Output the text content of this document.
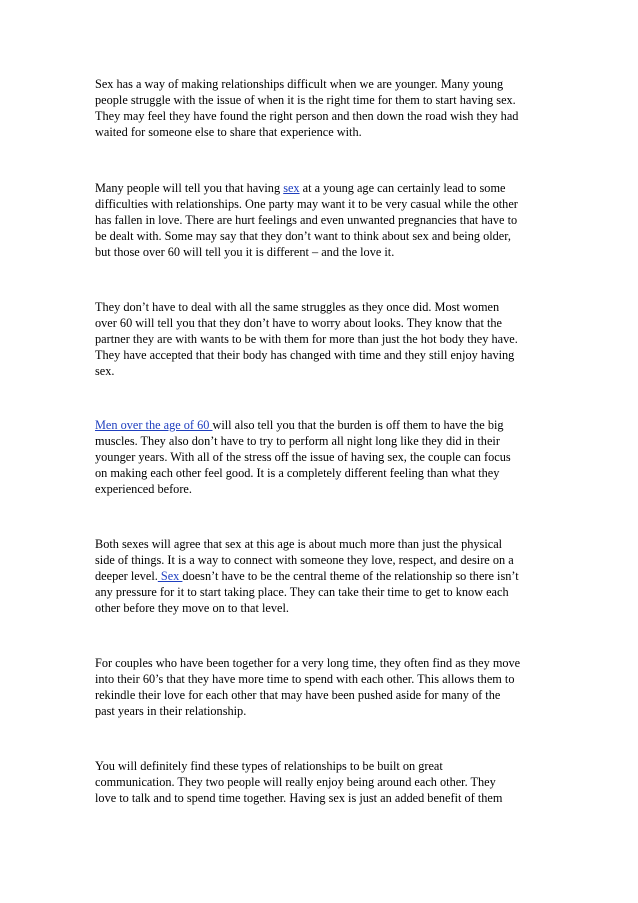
Sex has a way of making relationships difficult when we are younger. Many young
people struggle with the issue of when it is the right time for them to start having sex.
They may feel they have found the right person and then down the road wish they had
waited for someone else to share that experience with.

Many people will tell you that having sex at a young age can certainly lead to some
difficulties with relationships. One party may want it to be very casual while the other
has fallen in love. There are hurt feelings and even unwanted pregnancies that have to
be dealt with. Some may say that they don’t want to think about sex and being older,
but those over 60 will tell you it is different – and the love it.

They don’t have to deal with all the same struggles as they once did. Most women
over 60 will tell you that they don’t have to worry about looks. They know that the
partner they are with wants to be with them for more than just the hot body they have.
They have accepted that their body has changed with time and they still enjoy having
sex.

Men over the age of 60 will also tell you that the burden is off them to have the big
muscles. They also don’t have to try to perform all night long like they did in their
younger years. With all of the stress off the issue of having sex, the couple can focus
on making each other feel good. It is a completely different feeling than what they
experienced before.

Both sexes will agree that sex at this age is about much more than just the physical
side of things. It is a way to connect with someone they love, respect, and desire on a
deeper level. Sex doesn’t have to be the central theme of the relationship so there isn’t
any pressure for it to start taking place. They can take their time to get to know each
other before they move on to that level.

For couples who have been together for a very long time, they often find as they move
into their 60’s that they have more time to spend with each other. This allows them to
rekindle their love for each other that may have been pushed aside for many of the
past years in their relationship.

You will definitely find these types of relationships to be built on great
communication. They two people will really enjoy being around each other. They
love to talk and to spend time together. Having sex is just an added benefit of them
